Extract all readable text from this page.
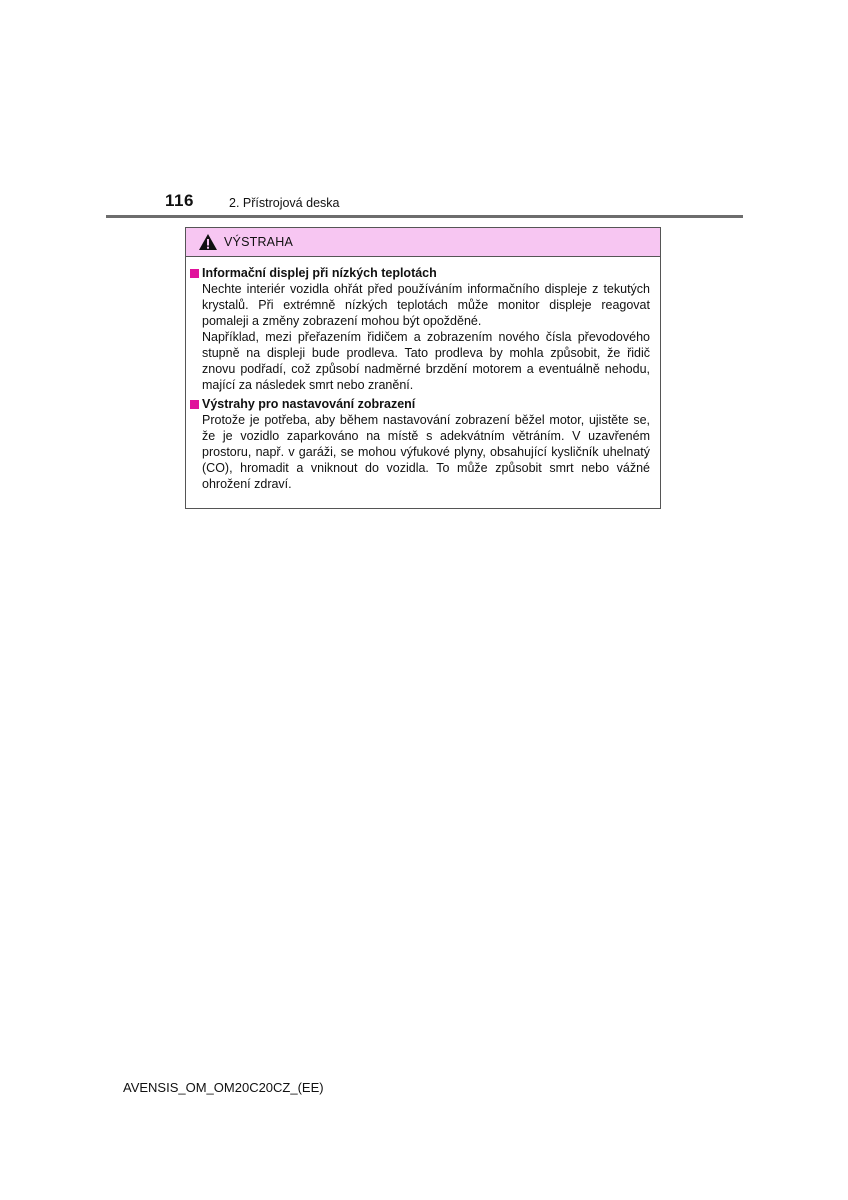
116	2. Přístrojová deska
VÝSTRAHA
Informační displej při nízkých teplotách

Nechte interiér vozidla ohřát před používáním informačního displeje z tekutých krystalů. Při extrémně nízkých teplotách může monitor displeje reagovat pomaleji a změny zobrazení mohou být opožděné.

Například, mezi přeřazením řidičem a zobrazením nového čísla převodového stupně na displeji bude prodleva. Tato prodleva by mohla způsobit, že řidič znovu podřadí, což způsobí nadměrné brzdění motorem a eventuálně nehodu, mající za následek smrt nebo zranění.

Výstrahy pro nastavování zobrazení

Protože je potřeba, aby během nastavování zobrazení běžel motor, ujistěte se, že je vozidlo zaparkováno na místě s adekvátním větráním. V uzavřeném prostoru, např. v garáži, se mohou výfukové plyny, obsahující kysličník uhelnatý (CO), hromadit a vniknout do vozidla. To může způsobit smrt nebo vážné ohrožení zdraví.

AVENSIS_OM_OM20C20CZ_(EE)
